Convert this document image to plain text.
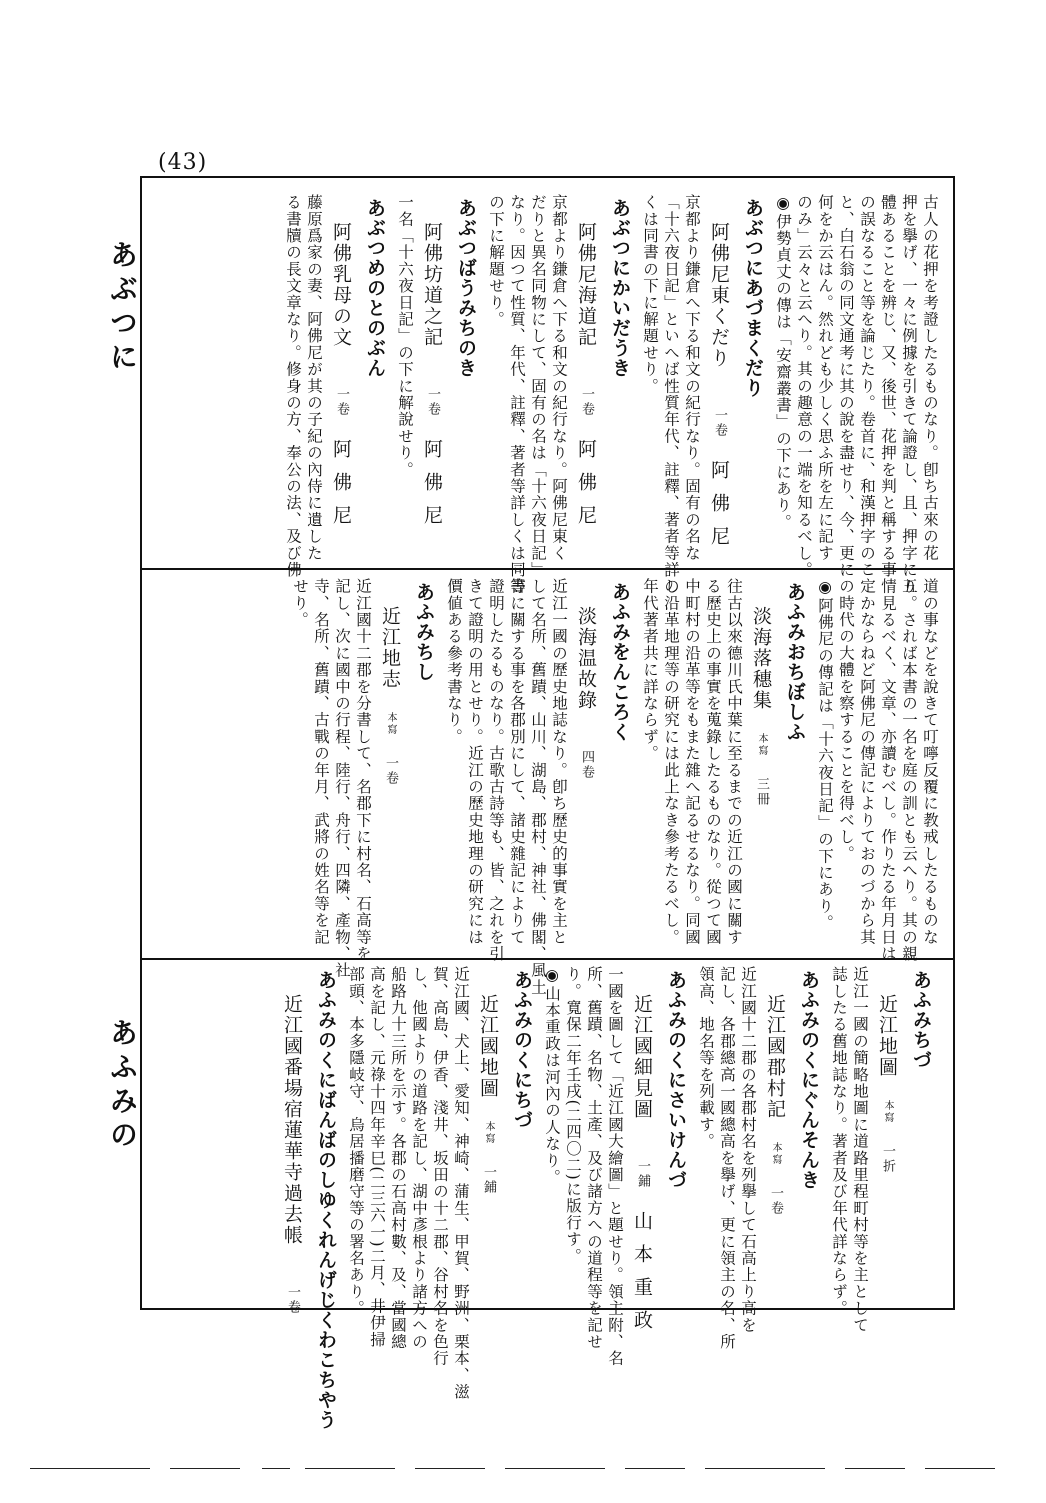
(43)
あぶつに
あふみの
古人の花押を考證したるものなり。卽ち古來の花
押を擧げ、一々に例據を引きて論證し、且、押字に五
體あることを辨じ、又、後世、花押を判と稱する事
の誤なること等を論じたり。卷首に、和漢押字のこ
と、白石翁の同文通考に其の說を盡せり、今、更に
何をか云はん。然れども少しく思ふ所を左に記す
のみ」云々と云へり。其の趣意の一端を知るべし。
◉伊勢貞丈の傳は「安齋叢書」の下にあり。
あぶつにあづまくだり
阿佛尼東くだり　一卷阿佛尼
京都より鎌倉へ下る和文の紀行なり。固有の名な
「十六夜日記」といへば性質年代、註釋、著者等詳し
くは同書の下に解題せり。
あぶつにかいだうき
阿佛尼海道記　一卷阿佛尼
京都より鎌倉へ下る和文の紀行なり。阿佛尼東く
だりと異名同物にして、固有の名は「十六夜日記」
なり。因つて性質、年代、註釋、著者等詳しくは同書
の下に解題せり。
あぶつばうみちのき
阿佛坊道之記　一卷阿佛尼
一名「十六夜日記」の下に解說せり。
あぶつめのとのぶん
阿佛乳母の文　一卷阿佛尼
藤原爲家の妻、阿佛尼が其の子紀の內侍に遺した
る書牘の長文章なり。修身の方、奉公の法、及び佛
道の事などを說きて叮嚀反覆に教戒したるものな
り。されば本書の一名を庭の訓とも云へり。其の親
情見るべく、文章、亦讀むべし。作りたる年月日は
定かならねど阿佛尼の傳記によりておのづから其
の時代の大體を察することを得べし。
◉阿佛尼の傳記は「十六夜日記」の下にあり。
あふみおちぼしふ
淡海落穗集本寫三冊
往古以來德川氏中葉に至るまでの近江の國に關す
る歷史上の事實を蒐錄したるものなり。從つて國
中町村の沿革等をもまた雜へ記るせるなり。同國
の沿革地理等の研究には此上なき參考たるべし。
年代著者共に詳ならず。
あふみをんころく
淡海温故錄　四卷
近江一國の歷史地誌なり。卽ち歷史的事實を主と
して名所、舊蹟、山川、湖島、郡村、神社、佛閣、風土
等に關する事を各郡別にして、諸史雜記によりて
證明したるものなり。古歌古詩等も、皆、之れを引
きて證明の用とせり。近江の歷史地理の研究には
價値ある參考書なり。
あふみちし
近江地志本寫一卷
近江國十二郡を分書して、名郡下に村名、石高等を
記し、次に國中の行程、陸行、舟行、四隣、產物、社
寺、名所、舊蹟、古戰の年月、武將の姓名等を記
せり。
あふみちづ
近江地圖本寫一折
近江一國の簡略地圖に道路里程町村等を主として
誌したる舊地誌なり。著者及び年代詳ならず。
あふみのくにぐんそんき
近江國郡村記本寫一卷
近江國十二郡の各郡村名を列擧して石高上り高を
記し、各郡總高一國總高を擧げ、更に領主の名、所
領高、地名等を列載す。
あふみのくにさいけんづ
近江國細見圖　一鋪山本重政
一國を圖して「近江國大繪圖」と題せり。領主附、名
所、舊蹟、名物、土產、及び諸方への道程等を記せ
り。寬保二年壬戌(二四〇二)に版行す。
◉山本重政は河內の人なり。
あふみのくにちづ
近江國地圖本寫一鋪
近江國、犬上、愛知、神崎、蒲生、甲賀、野洲、栗本、滋
賀、高島、伊香、淺井、坂田の十二郡、谷村名を色行
し、他國よりの道路を記し、湖中彥根より諸方への
船路九十三所を示す。各郡の石高村數、及、當國總
高を記し、元祿十四年辛巳(二三六一)二月、井伊掃
部頭、本多隱岐守、烏居播磨守等の署名あり。
あふみのくにばんばのしゆくれんげじくわこちやう
近江國番場宿蓮華寺過去帳　一卷
